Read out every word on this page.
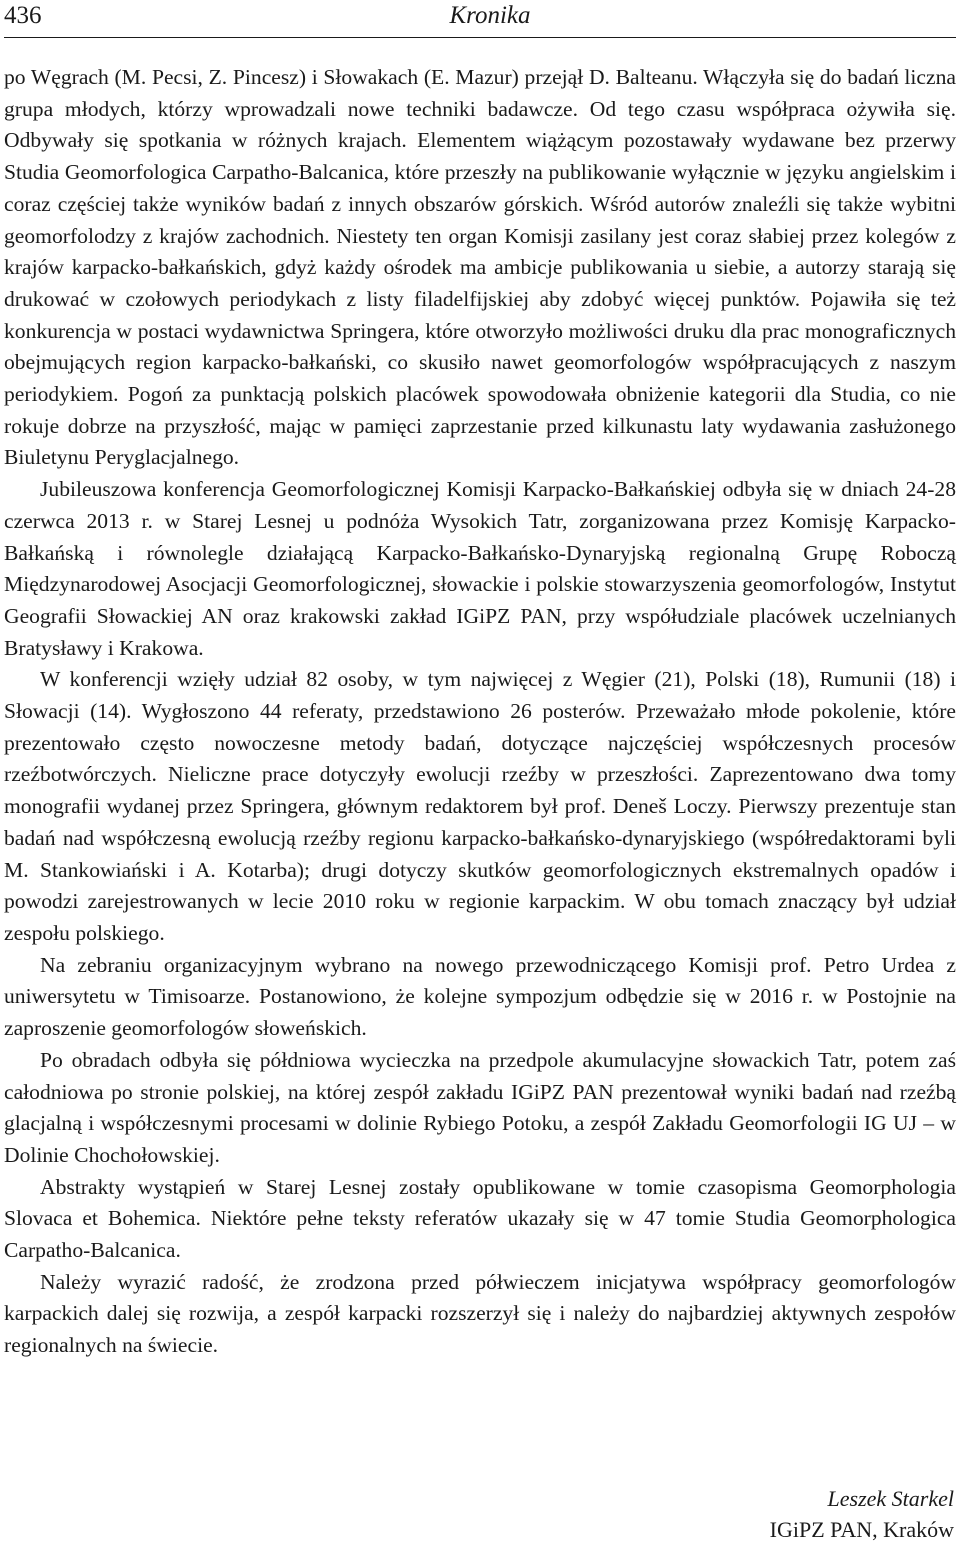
436	Kronika

po Węgrach (M. Pecsi, Z. Pincesz) i Słowakach (E. Mazur) przejął D. Balteanu. Włączyła się do badań liczna grupa młodych, którzy wprowadzali nowe techniki badawcze. Od tego czasu współpraca ożywiła się. Odbywały się spotkania w różnych krajach. Elementem wiążącym pozostawały wydawane bez przerwy Studia Geomorfologica Carpatho-Balcanica, które przeszły na publikowanie wyłącznie w języku angielskim i coraz częściej także wyników badań z innych obszarów górskich. Wśród autorów znaleźli się także wybitni geomorfolodzy z krajów zachodnich. Niestety ten organ Komisji zasilany jest coraz słabiej przez kolegów z krajów karpacko-bałkańskich, gdyż każdy ośrodek ma ambicje publikowania u siebie, a autorzy starają się drukować w czołowych periodykach z listy filadelfijskiej aby zdobyć więcej punktów. Pojawiła się też konkurencja w postaci wydawnictwa Springera, które otworzyło możliwości druku dla prac monograficznych obejmujących region karpacko-bałkański, co skusiło nawet geomorfologów współpracujących z naszym periodykiem. Pogoń za punktacją polskich placówek spowodowała obniżenie kategorii dla Studia, co nie rokuje dobrze na przyszłość, mając w pamięci zaprzestanie przed kilkunastu laty wydawania zasłużonego Biuletynu Peryglacjalnego.

Jubileuszowa konferencja Geomorfologicznej Komisji Karpacko-Bałkańskiej odbyła się w dniach 24-28 czerwca 2013 r. w Starej Lesnej u podnóża Wysokich Tatr, zorganizowana przez Komisję Karpacko-Bałkańską i równolegle działającą Karpacko-Bałkańsko-Dynaryjską regionalną Grupę Roboczą Międzynarodowej Asocjacji Geomorfologicznej, słowackie i polskie stowarzyszenia geomorfologów, Instytut Geografii Słowackiej AN oraz krakowski zakład IGiPZ PAN, przy współudziale placówek uczelnianych Bratysławy i Krakowa.

W konferencji wzięły udział 82 osoby, w tym najwięcej z Węgier (21), Polski (18), Rumunii (18) i Słowacji (14). Wygłoszono 44 referaty, przedstawiono 26 posterów. Przeważało młode pokolenie, które prezentowało często nowoczesne metody badań, dotyczące najczęściej współczesnych procesów rzeźbotwórczych. Nieliczne prace dotyczyły ewolucji rzeźby w przeszłości. Zaprezentowano dwa tomy monografii wydanej przez Springera, głównym redaktorem był prof. Deneš Loczy. Pierwszy prezentuje stan badań nad współczesną ewolucją rzeźby regionu karpacko-bałkańsko-dynaryjskiego (współredaktorami byli M. Stankowiański i A. Kotarba); drugi dotyczy skutków geomorfologicznych ekstremalnych opadów i powodzi zarejestrowanych w lecie 2010 roku w regionie karpackim. W obu tomach znaczący był udział zespołu polskiego.

Na zebraniu organizacyjnym wybrano na nowego przewodniczącego Komisji prof. Petro Urdea z uniwersytetu w Timisoarze. Postanowiono, że kolejne sympozjum odbędzie się w 2016 r. w Postojnie na zaproszenie geomorfologów słoweńskich.

Po obradach odbyła się półdniowa wycieczka na przedpole akumulacyjne słowackich Tatr, potem zaś całodniowa po stronie polskiej, na której zespół zakładu IGiPZ PAN prezentował wyniki badań nad rzeźbą glacjalną i współczesnymi procesami w dolinie Rybiego Potoku, a zespół Zakładu Geomorfologii IG UJ – w Dolinie Chochołowskiej.

Abstrakty wystąpień w Starej Lesnej zostały opublikowane w tomie czasopisma Geomorphologia Slovaca et Bohemica. Niektóre pełne teksty referatów ukazały się w 47 tomie Studia Geomorphologica Carpatho-Balcanica.

Należy wyrazić radość, że zrodzona przed półwieczem inicjatywa współpracy geomorfologów karpackich dalej się rozwija, a zespół karpacki rozszerzył się i należy do najbardziej aktywnych zespołów regionalnych na świecie.

Leszek Starkel
IGiPZ PAN, Kraków
